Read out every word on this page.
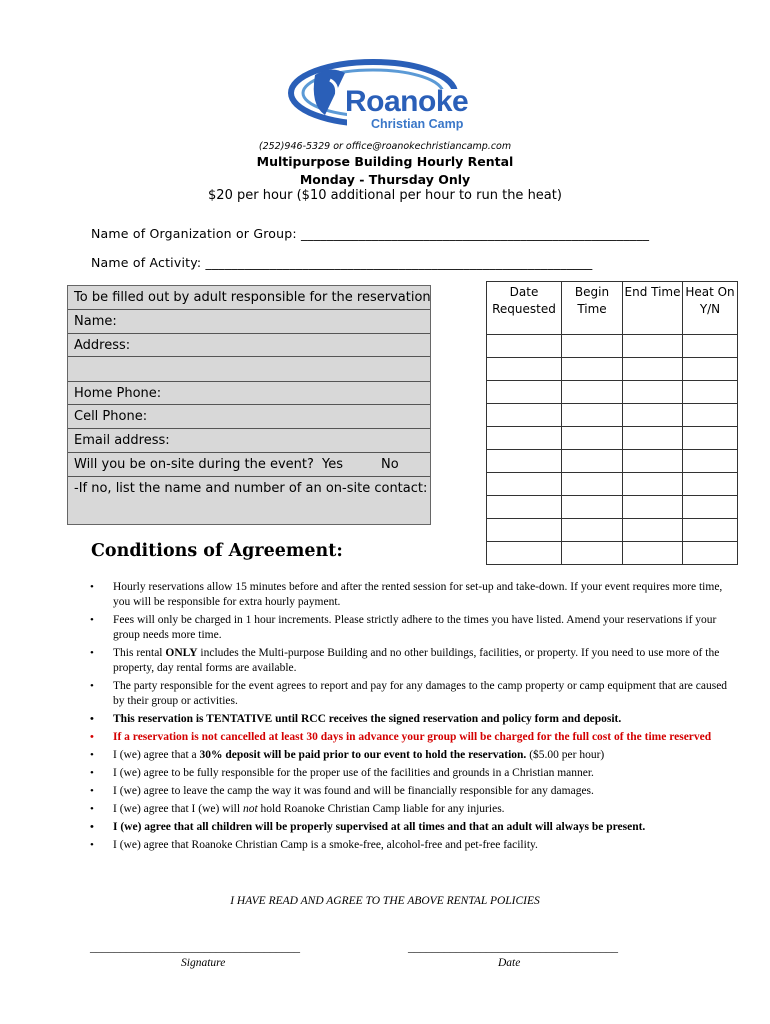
Roanoke
Christian Camp
(252)946-5329 or office@roanokechristiancamp.com
Multipurpose Building Hourly Rental
Monday - Thursday Only
$20 per hour ($10 additional per hour to run the heat)
Name of Organization or Group: ______________________________________________________
Name of Activity: ____________________________________________________________
To be filled out by adult responsible for the reservation
Name:
Address:
Home Phone:
Cell Phone:
Email address:
Will you be on-site during the event? Yes	No
-If no, list the name and number of an on-site contact:
Date Requested	Begin Time	End Time	Heat On Y/N

Conditions of Agreement:
• Hourly reservations allow 15 minutes before and after the rented session for set-up and take-down. If your event requires more time, you will be responsible for extra hourly payment.
• Fees will only be charged in 1 hour increments. Please strictly adhere to the times you have listed. Amend your reservations if your group needs more time.
• This rental ONLY includes the Multi-purpose Building and no other buildings, facilities, or property. If you need to use more of the property, day rental forms are available.
• The party responsible for the event agrees to report and pay for any damages to the camp property or camp equipment that are caused by their group or activities.
• This reservation is TENTATIVE until RCC receives the signed reservation and policy form and deposit.
• If a reservation is not cancelled at least 30 days in advance your group will be charged for the full cost of the time reserved
• I (we) agree that a 30% deposit will be paid prior to our event to hold the reservation. ($5.00 per hour)
• I (we) agree to be fully responsible for the proper use of the facilities and grounds in a Christian manner.
• I (we) agree to leave the camp the way it was found and will be financially responsible for any damages.
• I (we) agree that I (we) will not hold Roanoke Christian Camp liable for any injuries.
• I (we) agree that all children will be properly supervised at all times and that an adult will always be present.
• I (we) agree that Roanoke Christian Camp is a smoke-free, alcohol-free and pet-free facility.
I HAVE READ AND AGREE TO THE ABOVE RENTAL POLICIES
___________________________________
Signature
___________________________________
Date
